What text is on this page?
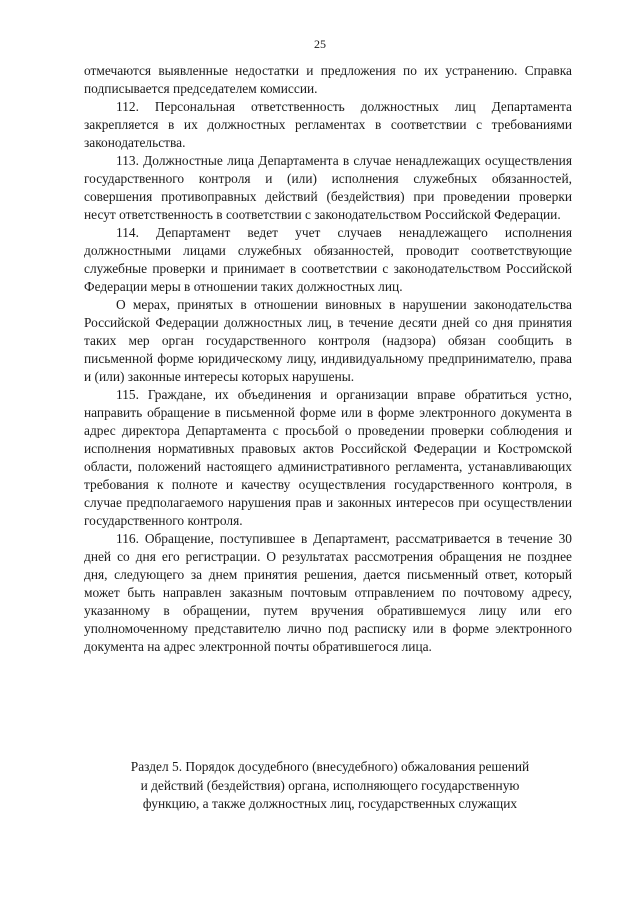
25

отмечаются выявленные недостатки и предложения по их устранению. Справка подписывается председателем комиссии.

112. Персональная ответственность должностных лиц Департамента закрепляется в их должностных регламентах в соответствии с требованиями законодательства.

113. Должностные лица Департамента в случае ненадлежащих осуществления государственного контроля и (или) исполнения служебных обязанностей, совершения противоправных действий (бездействия) при проведении проверки несут ответственность в соответствии с законодательством Российской Федерации.

114. Департамент ведет учет случаев ненадлежащего исполнения должностными лицами служебных обязанностей, проводит соответствующие служебные проверки и принимает в соответствии с законодательством Российской Федерации меры в отношении таких должностных лиц.

О мерах, принятых в отношении виновных в нарушении законодательства Российской Федерации должностных лиц, в течение десяти дней со дня принятия таких мер орган государственного контроля (надзора) обязан сообщить в письменной форме юридическому лицу, индивидуальному предпринимателю, права и (или) законные интересы которых нарушены.

115. Граждане, их объединения и организации вправе обратиться устно, направить обращение в письменной форме или в форме электронного документа в адрес директора Департамента с просьбой о проведении проверки соблюдения и исполнения нормативных правовых актов Российской Федерации и Костромской области, положений настоящего административного регламента, устанавливающих требования к полноте и качеству осуществления государственного контроля, в случае предполагаемого нарушения прав и законных интересов при осуществлении государственного контроля.

116. Обращение, поступившее в Департамент, рассматривается в течение 30 дней со дня его регистрации. О результатах рассмотрения обращения не позднее дня, следующего за днем принятия решения, дается письменный ответ, который может быть направлен заказным почтовым отправлением по почтовому адресу, указанному в обращении, путем вручения обратившемуся лицу или его уполномоченному представителю лично под расписку или в форме электронного документа на адрес электронной почты обратившегося лица.

Раздел 5. Порядок досудебного (внесудебного) обжалования решений и действий (бездействия) органа, исполняющего государственную функцию, а также должностных лиц, государственных служащих
